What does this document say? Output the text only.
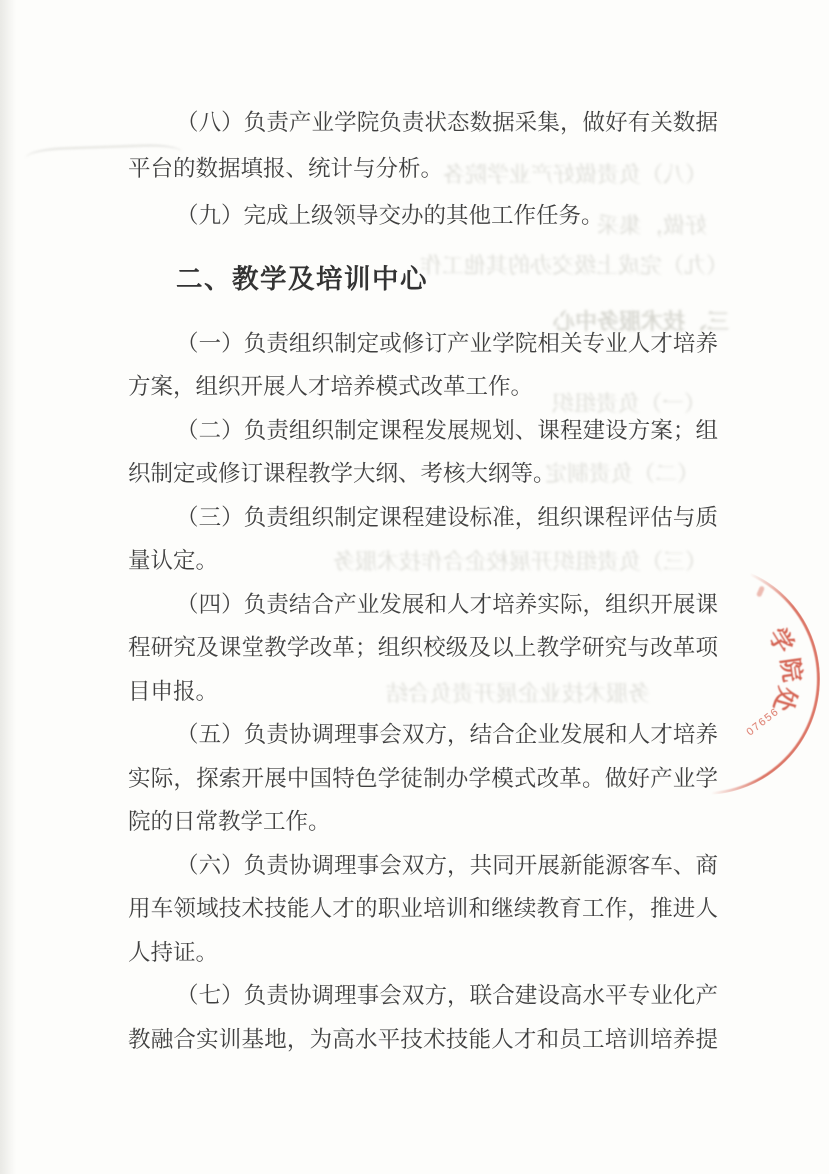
（八）负责做好产业学院各
好做，集采
（九）完成上级交办的其他工作
三、技术服务中心
（一）负责组织
（二）负责制定
（三）负责组织开展校企合作技术服务
务服术技业企展开责负合结
（八）负责产业学院负责状态数据采集，做好有关数据
平台的数据填报、统计与分析。
（九）完成上级领导交办的其他工作任务。
二、教学及培训中心
（一）负责组织制定或修订产业学院相关专业人才培养
方案，组织开展人才培养模式改革工作。
（二）负责组织制定课程发展规划、课程建设方案；组
织制定或修订课程教学大纲、考核大纲等。
（三）负责组织制定课程建设标准，组织课程评估与质
量认定。
（四）负责结合产业发展和人才培养实际，组织开展课
程研究及课堂教学改革；组织校级及以上教学研究与改革项
目申报。
（五）负责协调理事会双方，结合企业发展和人才培养
实际，探索开展中国特色学徒制办学模式改革。做好产业学
院的日常教学工作。
（六）负责协调理事会双方，共同开展新能源客车、商
用车领域技术技能人才的职业培训和继续教育工作，推进人
人持证。
（七）负责协调理事会双方，联合建设高水平专业化产
教融合实训基地，为高水平技术技能人才和员工培训培养提
学
院
处
07656
